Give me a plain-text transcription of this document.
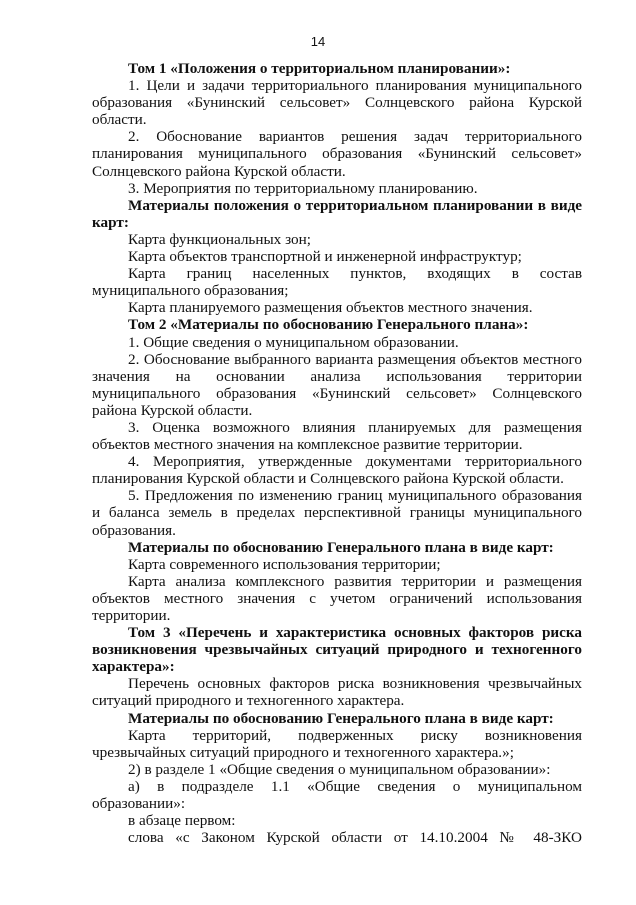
14

Том 1 «Положения о территориальном планировании»:

1. Цели и задачи территориального планирования муниципального образования «Бунинский сельсовет» Солнцевского района Курской области.

2. Обоснование вариантов решения задач территориального планирования муниципального образования «Бунинский сельсовет» Солнцевского района Курской области.

3. Мероприятия по территориальному планированию.

Материалы положения о территориальном планировании в виде карт:

Карта функциональных зон;

Карта объектов транспортной и инженерной инфраструктур;

Карта границ населенных пунктов, входящих в состав муниципального образования;

Карта планируемого размещения объектов местного значения.

Том 2 «Материалы по обоснованию Генерального плана»:

1. Общие сведения о муниципальном образовании.

2. Обоснование выбранного варианта размещения объектов местного значения на основании анализа использования территории муниципального образования «Бунинский сельсовет» Солнцевского района Курской области.

3. Оценка возможного влияния планируемых для размещения объектов местного значения на комплексное развитие территории.

4. Мероприятия, утвержденные документами территориального планирования Курской области и Солнцевского района Курской области.

5. Предложения по изменению границ муниципального образования и баланса земель в пределах перспективной границы муниципального образования.

Материалы по обоснованию Генерального плана в виде карт:

Карта современного использования территории;

Карта анализа комплексного развития территории и размещения объектов местного значения с учетом ограничений использования территории.

Том 3 «Перечень и характеристика основных факторов риска возникновения чрезвычайных ситуаций природного и техногенного характера»:

Перечень основных факторов риска возникновения чрезвычайных ситуаций природного и техногенного характера.

Материалы по обоснованию Генерального плана в виде карт:

Карта территорий, подверженных риску возникновения чрезвычайных ситуаций природного и техногенного характера.»;

2) в разделе 1 «Общие сведения о муниципальном образовании»:

а) в подразделе 1.1 «Общие сведения о муниципальном образовании»:

в абзаце первом:

слова «с Законом Курской области от 14.10.2004 № 48-ЗКО
